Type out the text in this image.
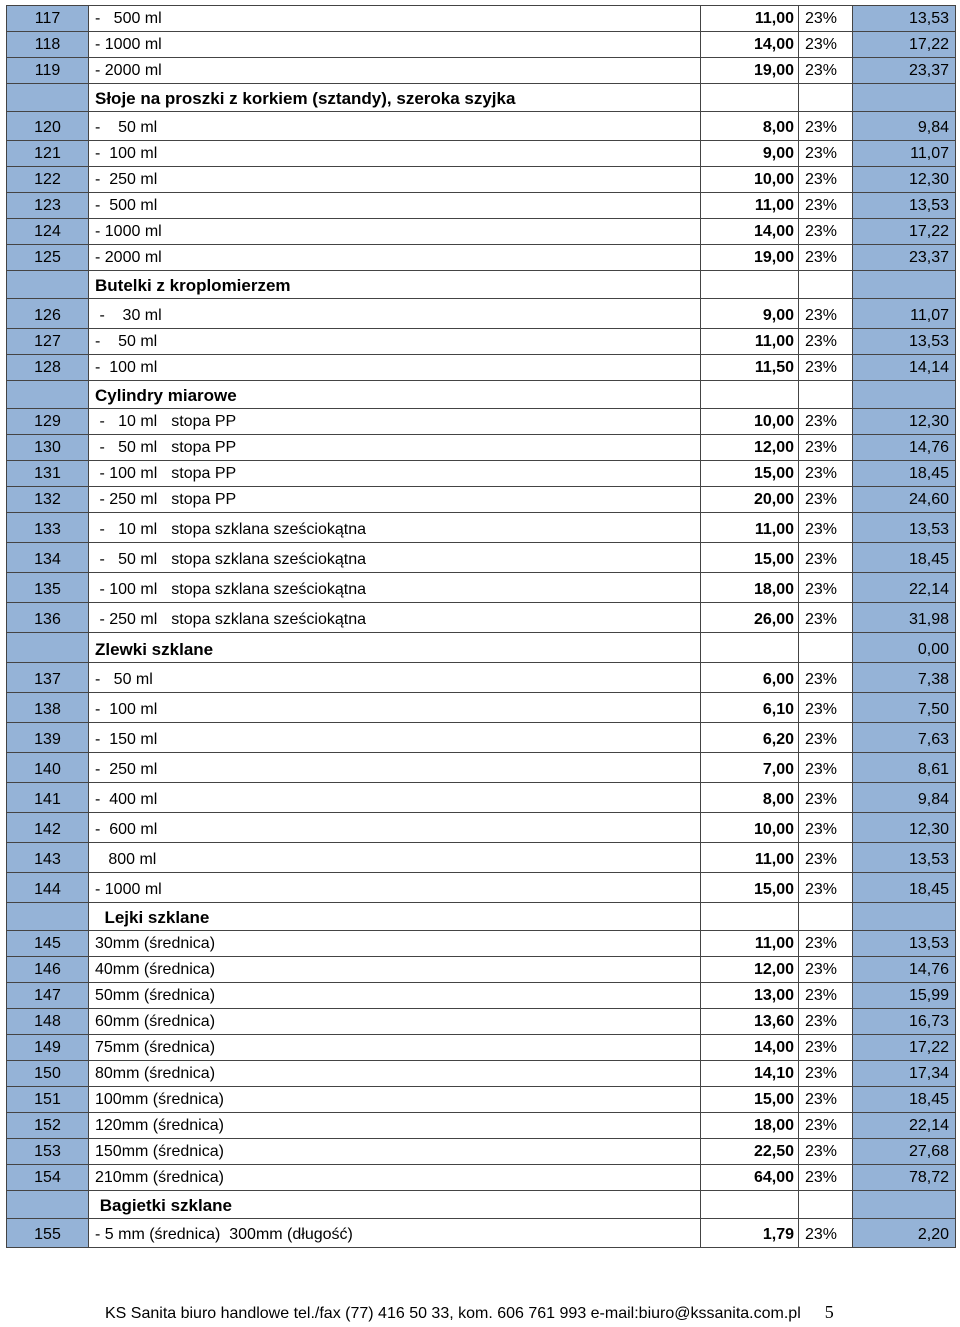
117	-   500 ml	11,00	23%	13,53
118	- 1000 ml	14,00	23%	17,22
119	- 2000 ml	19,00	23%	23,37
	Słoje na proszki z korkiem (sztandy), szeroka szyjka			
120	-    50 ml	8,00	23%	9,84
121	-  100 ml	9,00	23%	11,07
122	-  250 ml	10,00	23%	12,30
123	-  500 ml	11,00	23%	13,53
124	- 1000 ml	14,00	23%	17,22
125	- 2000 ml	19,00	23%	23,37
	Butelki z kroplomierzem			
126	-    30 ml	9,00	23%	11,07
127	-    50 ml	11,00	23%	13,53
128	-  100 ml	11,50	23%	14,14
	Cylindry miarowe			
129	-   10 ml stopa PP	10,00	23%	12,30
130	-   50 ml stopa PP	12,00	23%	14,76
131	- 100 ml stopa PP	15,00	23%	18,45
132	- 250 ml stopa PP	20,00	23%	24,60
133	-   10 ml stopa szklana sześciokątna	11,00	23%	13,53
134	-   50 ml stopa szklana sześciokątna	15,00	23%	18,45
135	- 100 ml stopa szklana sześciokątna	18,00	23%	22,14
136	- 250 ml stopa szklana sześciokątna	26,00	23%	31,98
	Zlewki szklane			0,00
137	-   50 ml	6,00	23%	7,38
138	-  100 ml	6,10	23%	7,50
139	-  150 ml	6,20	23%	7,63
140	-  250 ml	7,00	23%	8,61
141	-  400 ml	8,00	23%	9,84
142	-  600 ml	10,00	23%	12,30
143	800 ml	11,00	23%	13,53
144	- 1000 ml	15,00	23%	18,45
	Lejki szklane			
145	30mm (średnica)	11,00	23%	13,53
146	40mm (średnica)	12,00	23%	14,76
147	50mm (średnica)	13,00	23%	15,99
148	60mm (średnica)	13,60	23%	16,73
149	75mm (średnica)	14,00	23%	17,22
150	80mm (średnica)	14,10	23%	17,34
151	100mm (średnica)	15,00	23%	18,45
152	120mm (średnica)	18,00	23%	22,14
153	150mm (średnica)	22,50	23%	27,68
154	210mm (średnica)	64,00	23%	78,72
	Bagietki szklane			
155	- 5 mm (średnica)  300mm (długość)	1,79	23%	2,20
KS Sanita biuro handlowe tel./fax (77) 416 50 33, kom. 606 761 993 e-mail:biuro@kssanita.com.pl 5
